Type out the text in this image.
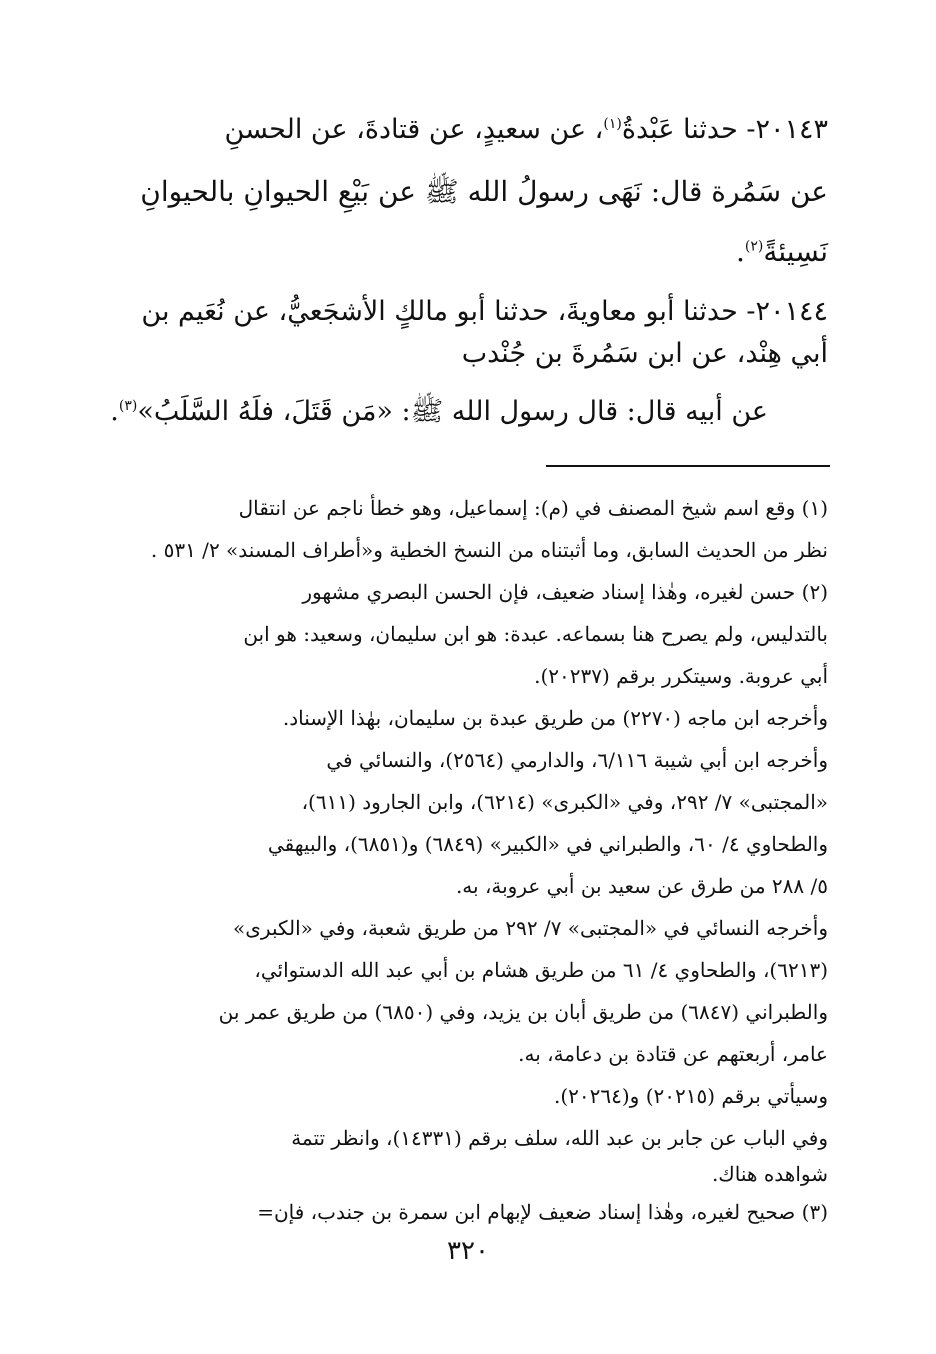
٢٠١٤٣- حدثنا عَبْدةُ$^{(١)}$، عن سعيدٍ، عن قتادةَ، عن الحسنِ
عن سَمُرة قال: نَهَى رسولُ الله ﷺ عن بَيْعِ الحيوانِ بالحيوانِ
نَسِيئةً$^{(٢)}$.
٢٠١٤٤- حدثنا أبو معاويةَ، حدثنا أبو مالكٍ الأشجَعيُّ، عن نُعَيم بن
أبي هِنْد، عن ابن سَمُرةَ بن جُنْدب
عن أبيه قال: قال رسول الله ﷺ: «مَن قَتَلَ، فلَهُ السَّلَبُ»$^{(٣)}$.
(١) وقع اسم شيخ المصنف في (م): إسماعيل، وهو خطأ ناجم عن انتقال
نظر من الحديث السابق، وما أثبتناه من النسخ الخطية و«أطراف المسند» ٢/ ٥٣١ .
(٢) حسن لغيره، وهٰذا إسناد ضعيف، فإن الحسن البصري مشهور
بالتدليس، ولم يصرح هنا بسماعه. عبدة: هو ابن سليمان، وسعيد: هو ابن
أبي عروبة. وسيتكرر برقم (٢٠٢٣٧).
وأخرجه ابن ماجه (٢٢٧٠) من طريق عبدة بن سليمان، بهٰذا الإسناد.
وأخرجه ابن أبي شيبة ٦/١١٦، والدارمي (٢٥٦٤)، والنسائي في
«المجتبى» ٧/ ٢٩٢، وفي «الكبرى» (٦٢١٤)، وابن الجارود (٦١١)،
والطحاوي ٤/ ٦٠، والطبراني في «الكبير» (٦٨٤٩) و(٦٨٥١)، والبيهقي
٥/ ٢٨٨ من طرق عن سعيد بن أبي عروبة، به.
وأخرجه النسائي في «المجتبى» ٧/ ٢٩٢ من طريق شعبة، وفي «الكبرى»
(٦٢١٣)، والطحاوي ٤/ ٦١ من طريق هشام بن أبي عبد الله الدستوائي،
والطبراني (٦٨٤٧) من طريق أبان بن يزيد، وفي (٦٨٥٠) من طريق عمر بن
عامر، أربعتهم عن قتادة بن دعامة، به.
وسيأتي برقم (٢٠٢١٥) و(٢٠٢٦٤).
وفي الباب عن جابر بن عبد الله، سلف برقم (١٤٣٣١)، وانظر تتمة
شواهده هناك.
(٣) صحيح لغيره، وهٰذا إسناد ضعيف لإبهام ابن سمرة بن جندب، فإن=
٣٢٠
